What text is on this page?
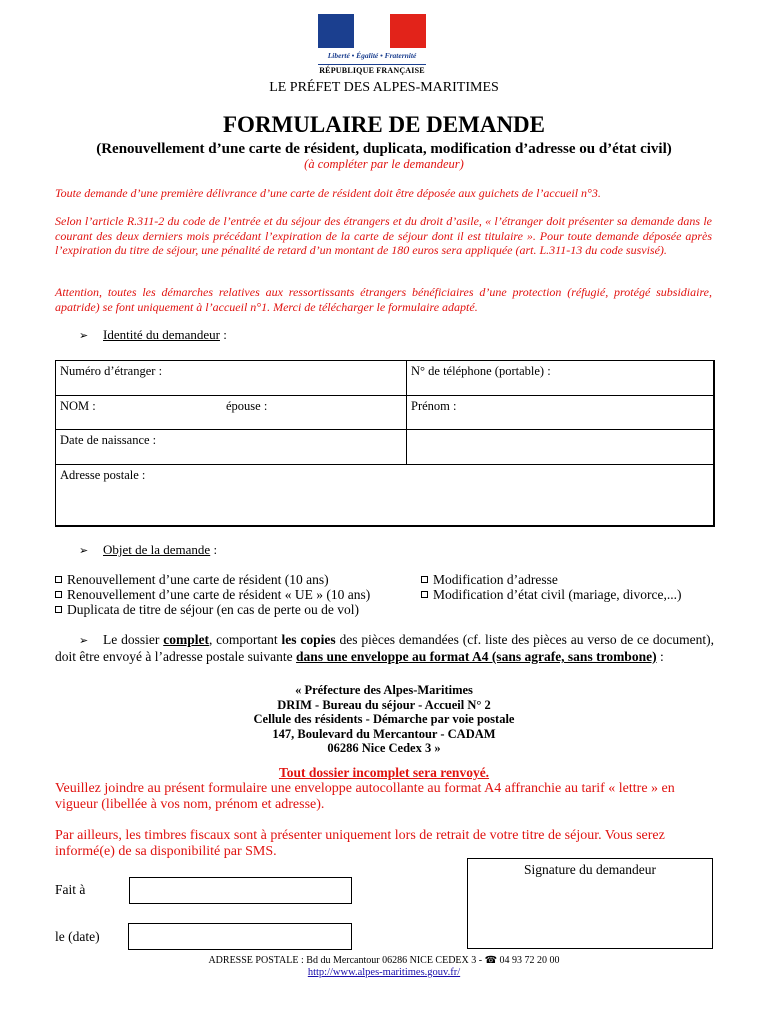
Liberté • Égalité • Fraternité
RÉPUBLIQUE FRANÇAISE
LE PRÉFET DES ALPES-MARITIMES
FORMULAIRE DE DEMANDE
(Renouvellement d’une carte de résident, duplicata, modification d’adresse ou d’état civil)
(à compléter par le demandeur)
Toute demande d’une première délivrance d’une carte de résident doit être déposée aux guichets de l’accueil n°3.
Selon l’article R.311-2 du code de l’entrée et du séjour des étrangers et du droit d’asile, « l’étranger doit présenter sa demande dans le courant des deux derniers mois précédant l’expiration de la carte de séjour dont il est titulaire ». Pour toute demande déposée après l’expiration du titre de séjour, une pénalité de retard d’un montant de 180 euros sera appliquée (art. L.311-13 du code susvisé).
Attention, toutes les démarches relatives aux ressortissants étrangers bénéficiaires d’une protection (réfugié, protégé subsidiaire, apatride) se font uniquement à l’accueil n°1. Merci de télécharger le formulaire adapté.
➢ Identité du demandeur :
Numéro d’étranger :	N° de téléphone (portable) :
NOM :	épouse :	Prénom :
Date de naissance :
Adresse postale :
➢ Objet de la demande :
Renouvellement d’une carte de résident (10 ans)
Renouvellement d’une carte de résident « UE » (10 ans)
Duplicata de titre de séjour (en cas de perte ou de vol)
Modification d’adresse
Modification d’état civil (mariage, divorce,...)
➢ Le dossier complet, comportant les copies des pièces demandées (cf. liste des pièces au verso de ce document), doit être envoyé à l’adresse postale suivante dans une enveloppe au format A4 (sans agrafe, sans trombone) :
« Préfecture des Alpes-Maritimes
DRIM - Bureau du séjour - Accueil N° 2
Cellule des résidents - Démarche par voie postale
147, Boulevard du Mercantour - CADAM
06286 Nice Cedex 3 »
Tout dossier incomplet sera renvoyé.
Veuillez joindre au présent formulaire une enveloppe autocollante au format A4 affranchie au tarif « lettre » en vigueur (libellée à vos nom, prénom et adresse).
Par ailleurs, les timbres fiscaux sont à présenter uniquement lors de retrait de votre titre de séjour. Vous serez informé(e) de sa disponibilité par SMS.
Fait à
le (date)
Signature du demandeur
ADRESSE POSTALE : Bd du Mercantour 06286 NICE CEDEX 3 - ☎ 04 93 72 20 00
http://www.alpes-maritimes.gouv.fr/
